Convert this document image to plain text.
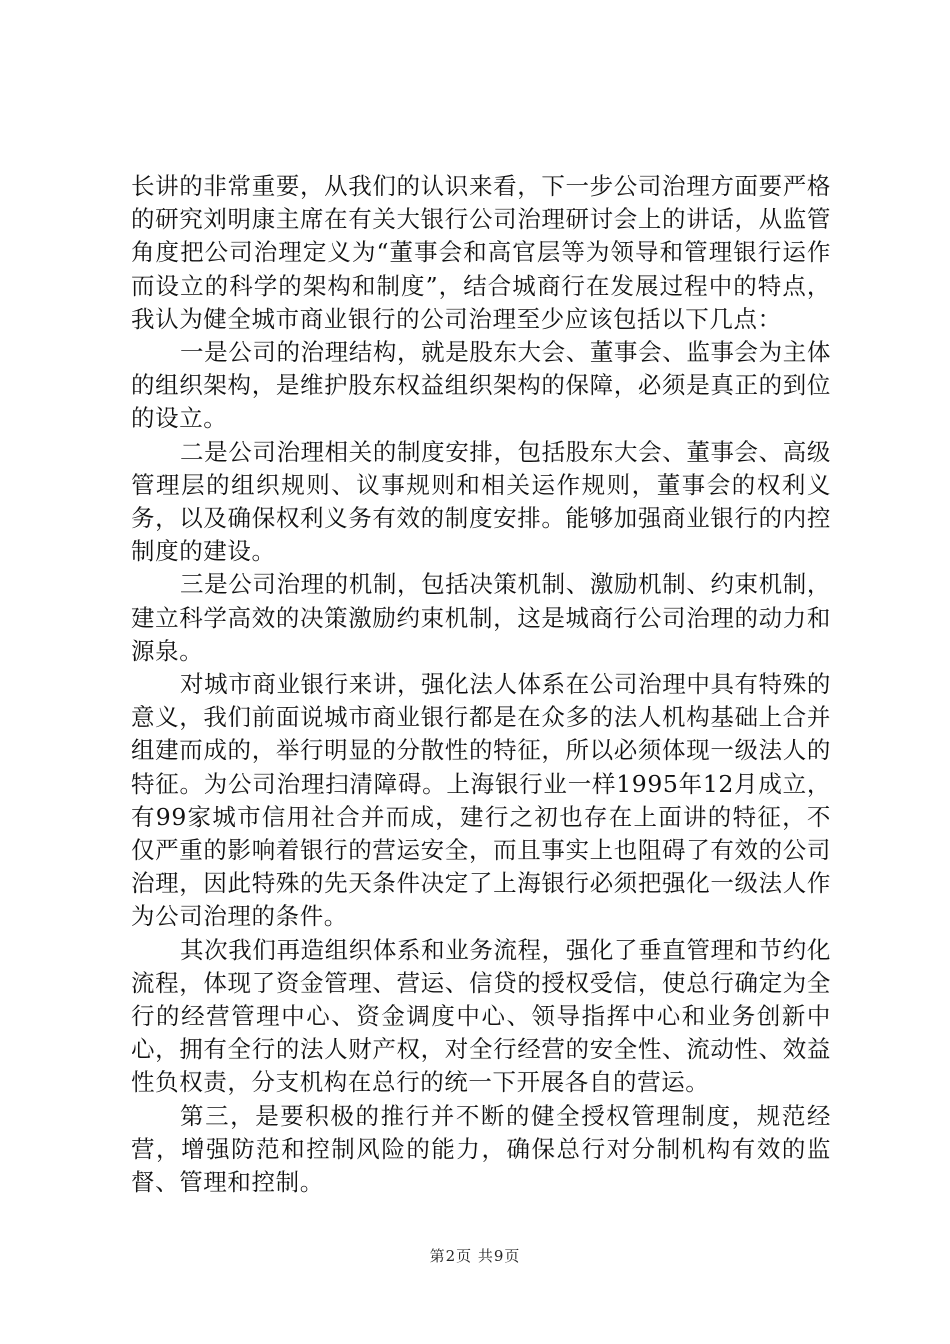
长讲的非常重要，从我们的认识来看，下一步公司治理方面要严格的研究刘明康主席在有关大银行公司治理研讨会上的讲话，从监管角度把公司治理定义为“董事会和高官层等为领导和管理银行运作而设立的科学的架构和制度”，结合城商行在发展过程中的特点，我认为健全城市商业银行的公司治理至少应该包括以下几点：

一是公司的治理结构，就是股东大会、董事会、监事会为主体的组织架构，是维护股东权益组织架构的保障，必须是真正的到位的设立。

二是公司治理相关的制度安排，包括股东大会、董事会、高级管理层的组织规则、议事规则和相关运作规则，董事会的权利义务，以及确保权利义务有效的制度安排。能够加强商业银行的内控制度的建设。

三是公司治理的机制，包括决策机制、激励机制、约束机制，建立科学高效的决策激励约束机制，这是城商行公司治理的动力和源泉。

对城市商业银行来讲，强化法人体系在公司治理中具有特殊的意义，我们前面说城市商业银行都是在众多的法人机构基础上合并组建而成的，举行明显的分散性的特征，所以必须体现一级法人的特征。为公司治理扫清障碍。上海银行业一样1995年12月成立，有99家城市信用社合并而成，建行之初也存在上面讲的特征，不仅严重的影响着银行的营运安全，而且事实上也阻碍了有效的公司治理，因此特殊的先天条件决定了上海银行必须把强化一级法人作为公司治理的条件。

其次我们再造组织体系和业务流程，强化了垂直管理和节约化流程，体现了资金管理、营运、信贷的授权受信，使总行确定为全行的经营管理中心、资金调度中心、领导指挥中心和业务创新中心，拥有全行的法人财产权，对全行经营的安全性、流动性、效益性负权责，分支机构在总行的统一下开展各自的营运。

第三，是要积极的推行并不断的健全授权管理制度，规范经营，增强防范和控制风险的能力，确保总行对分制机构有效的监督、管理和控制。

第2页 共9页
